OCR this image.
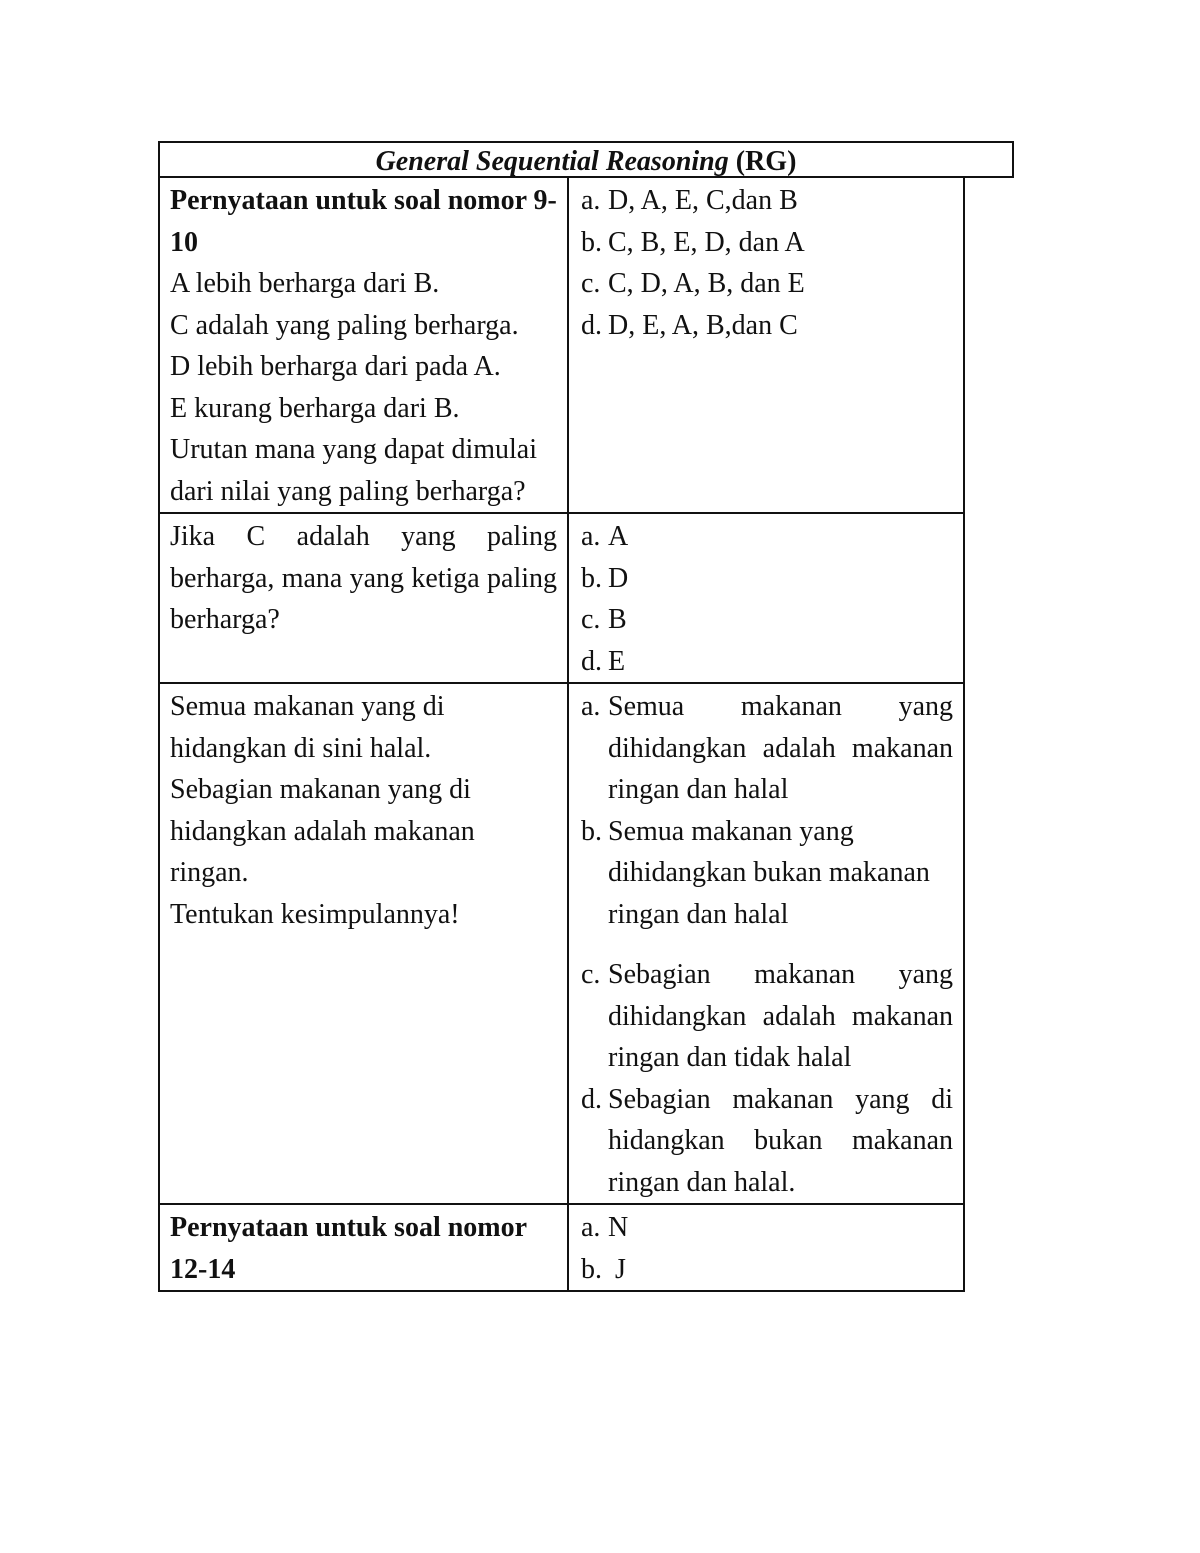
General Sequential Reasoning (RG)

Pernyataan untuk soal nomor 9-10

A lebih berharga dari B.

C adalah yang paling berharga.

D lebih berharga dari pada A.

E kurang berharga dari B.

Urutan mana yang dapat dimulai dari nilai yang paling berharga?

a. D, A, E, C,dan B
b. C, B, E, D, dan A
c. C, D, A, B, dan E
d. D, E, A, B,dan C

Jika C adalah yang paling berharga, mana yang ketiga paling berharga?

a. A
b. D
c. B
d. E

Semua makanan yang di hidangkan di sini halal.

Sebagian makanan yang di hidangkan adalah makanan ringan.

Tentukan kesimpulannya!

a. Semua makanan yang dihidangkan adalah makanan ringan dan halal
b. Semua makanan yang dihidangkan bukan makanan ringan dan halal
c. Sebagian makanan yang dihidangkan adalah makanan ringan dan tidak halal
d. Sebagian makanan yang di hidangkan bukan makanan ringan dan halal.

Pernyataan untuk soal nomor 12-14

a. N
b. J
